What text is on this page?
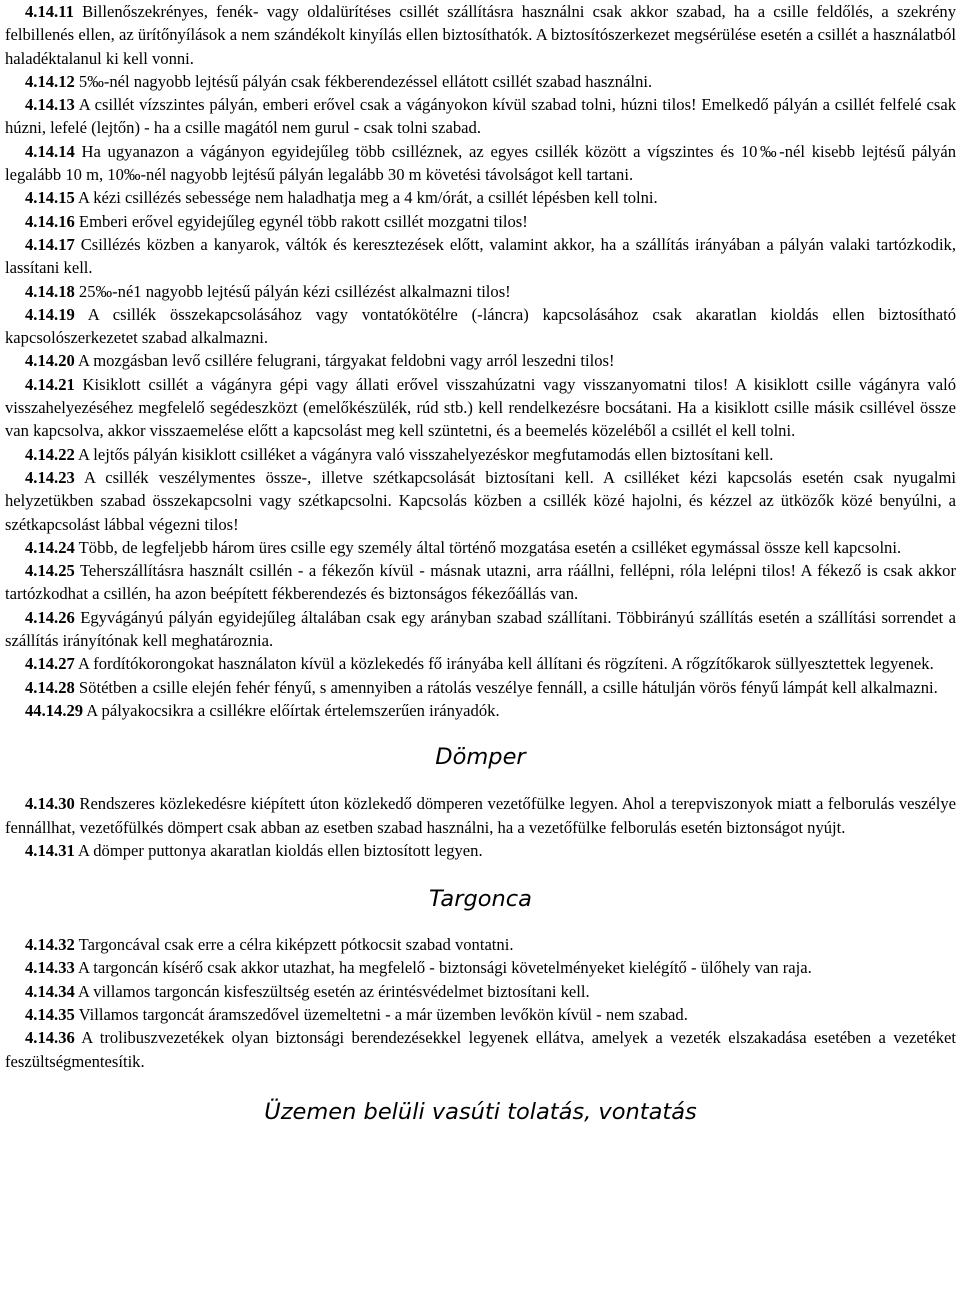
4.14.11 Billenőszekrényes, fenék- vagy oldalürítéses csillét szállításra használni csak akkor szabad, ha a csille feldőlés, a szekrény felbillenés ellen, az ürítőnyílások a nem szándékolt kinyílás ellen biztosíthatók. A biztosítószerkezet megsérülése esetén a csillét a használatból haladéktalanul ki kell vonni.

4.14.12 5‰-nél nagyobb lejtésű pályán csak fékberendezéssel ellátott csillét szabad használni.

4.14.13 A csillét vízszintes pályán, emberi erővel csak a vágányokon kívül szabad tolni, húzni tilos! Emelkedő pályán a csillét felfelé csak húzni, lefelé (lejtőn) - ha a csille magától nem gurul - csak tolni szabad.

4.14.14 Ha ugyanazon a vágányon egyidejűleg több csilléznek, az egyes csillék között a vígszintes és 10‰-nél kisebb lejtésű pályán legalább 10 m, 10‰-nél nagyobb lejtésű pályán legalább 30 m követési távolságot kell tartani.

4.14.15 A kézi csillézés sebessége nem haladhatja meg a 4 km/órát, a csillét lépésben kell tolni.

4.14.16 Emberi erővel egyidejűleg egynél több rakott csillét mozgatni tilos!

4.14.17 Csillézés közben a kanyarok, váltók és keresztezések előtt, valamint akkor, ha a szállítás irányában a pályán valaki tartózkodik, lassítani kell.

4.14.18 25‰-né1 nagyobb lejtésű pályán kézi csillézést alkalmazni tilos!

4.14.19 A csillék összekapcsolásához vagy vontatókötélre (-láncra) kapcsolásához csak akaratlan kioldás ellen biztosítható kapcsolószerkezetet szabad alkalmazni.

4.14.20 A mozgásban levő csillére felugrani, tárgyakat feldobni vagy arról leszedni tilos!

4.14.21 Kisiklott csillét a vágányra gépi vagy állati erővel visszahúzatni vagy visszanyomatni tilos! A kisiklott csille vágányra való visszahelyezéséhez megfelelő segédeszközt (emelőkészülék, rúd stb.) kell rendelkezésre bocsátani. Ha a kisiklott csille másik csillével össze van kapcsolva, akkor visszaemelése előtt a kapcsolást meg kell szüntetni, és a beemelés közeléből a csillét el kell tolni.

4.14.22 A lejtős pályán kisiklott csilléket a vágányra való visszahelyezéskor megfutamodás ellen biztosítani kell.

4.14.23 A csillék veszélymentes össze-, illetve szétkapcsolását biztosítani kell. A csilléket kézi kapcsolás esetén csak nyugalmi helyzetükben szabad összekapcsolni vagy szétkapcsolni. Kapcsolás közben a csillék közé hajolni, és kézzel az ütközők közé benyúlni, a szétkapcsolást lábbal végezni tilos!

4.14.24 Több, de legfeljebb három üres csille egy személy által történő mozgatása esetén a csilléket egymással össze kell kapcsolni.

4.14.25 Teherszállításra használt csillén - a fékezőn kívül - másnak utazni, arra ráállni, fellépni, róla lelépni tilos! A fékező is csak akkor tartózkodhat a csillén, ha azon beépített fékberendezés és biztonságos fékezőállás van.

4.14.26 Egyvágányú pályán egyidejűleg általában csak egy arányban szabad szállítani. Többirányú szállítás esetén a szállítási sorrendet a szállítás irányítónak kell meghatároznia.

4.14.27 A fordítókorongokat használaton kívül a közlekedés fő irányába kell állítani és rögzíteni. A rőgzítőkarok süllyesztettek legyenek.

4.14.28 Sötétben a csille elején fehér fényű, s amennyiben a rátolás veszélye fennáll, a csille hátulján vörös fényű lámpát kell alkalmazni.

44.14.29 A pályakocsikra a csillékre előírtak értelemszerűen irányadók.

Dömper

4.14.30 Rendszeres közlekedésre kiépített úton közlekedő dömperen vezetőfülke legyen. Ahol a terepviszonyok miatt a felborulás veszélye fennállhat, vezetőfülkés dömpert csak abban az esetben szabad használni, ha a vezetőfülke felborulás esetén biztonságot nyújt.

4.14.31 A dömper puttonya akaratlan kioldás ellen biztosított legyen.

Targonca

4.14.32 Targoncával csak erre a célra kiképzett pótkocsit szabad vontatni.

4.14.33 A targoncán kísérő csak akkor utazhat, ha megfelelő - biztonsági követelményeket kielégítő - ülőhely van raja.

4.14.34 A villamos targoncán kisfeszültség esetén az érintésvédelmet biztosítani kell.

4.14.35 Villamos targoncát áramszedővel üzemeltetni - a már üzemben levőkön kívül - nem szabad.

4.14.36 A trolibuszvezetékek olyan biztonsági berendezésekkel legyenek ellátva, amelyek a vezeték elszakadása esetében a vezetéket feszültségmentesítik.

Üzemen belüli vasúti tolatás, vontatás
